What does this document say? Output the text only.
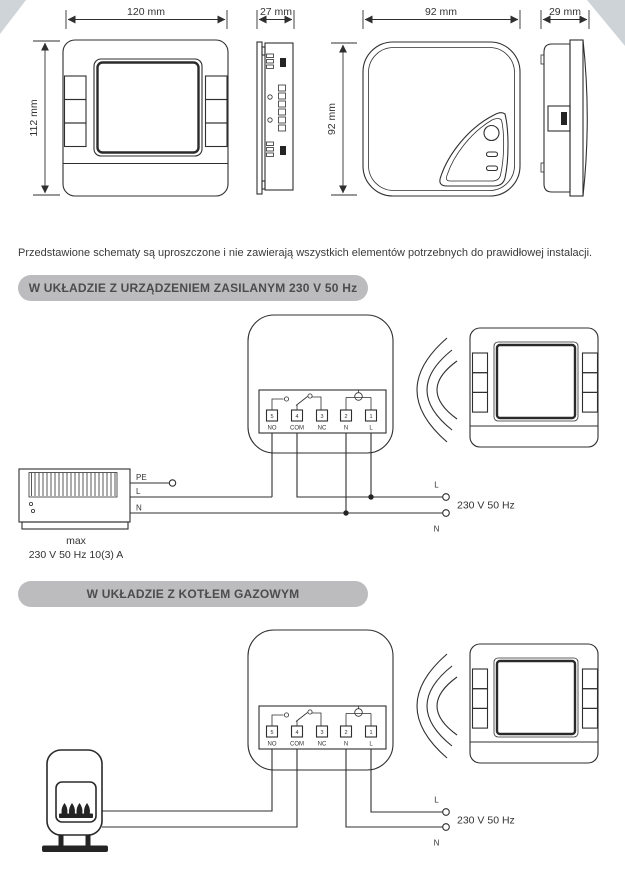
120 mm
112 mm
27 mm	92 mm
92 mm
29 mm
5	4	3	2	1
NO COM NC	N	L
PE
L
N
max
230 V 50 Hz 10(3) A
L
N
230 V 50 Hz
5	4	3	2	1
NO COM NC	N	L
L
N
230 V 50 Hz
Przedstawione schematy są uproszczone i nie zawierają wszystkich elementów potrzebnych do prawidłowej instalacji.
W UKŁADZIE Z URZĄDZENIEM ZASILANYM 230 V 50 Hz
W UKŁADZIE Z KOTŁEM GAZOWYM
